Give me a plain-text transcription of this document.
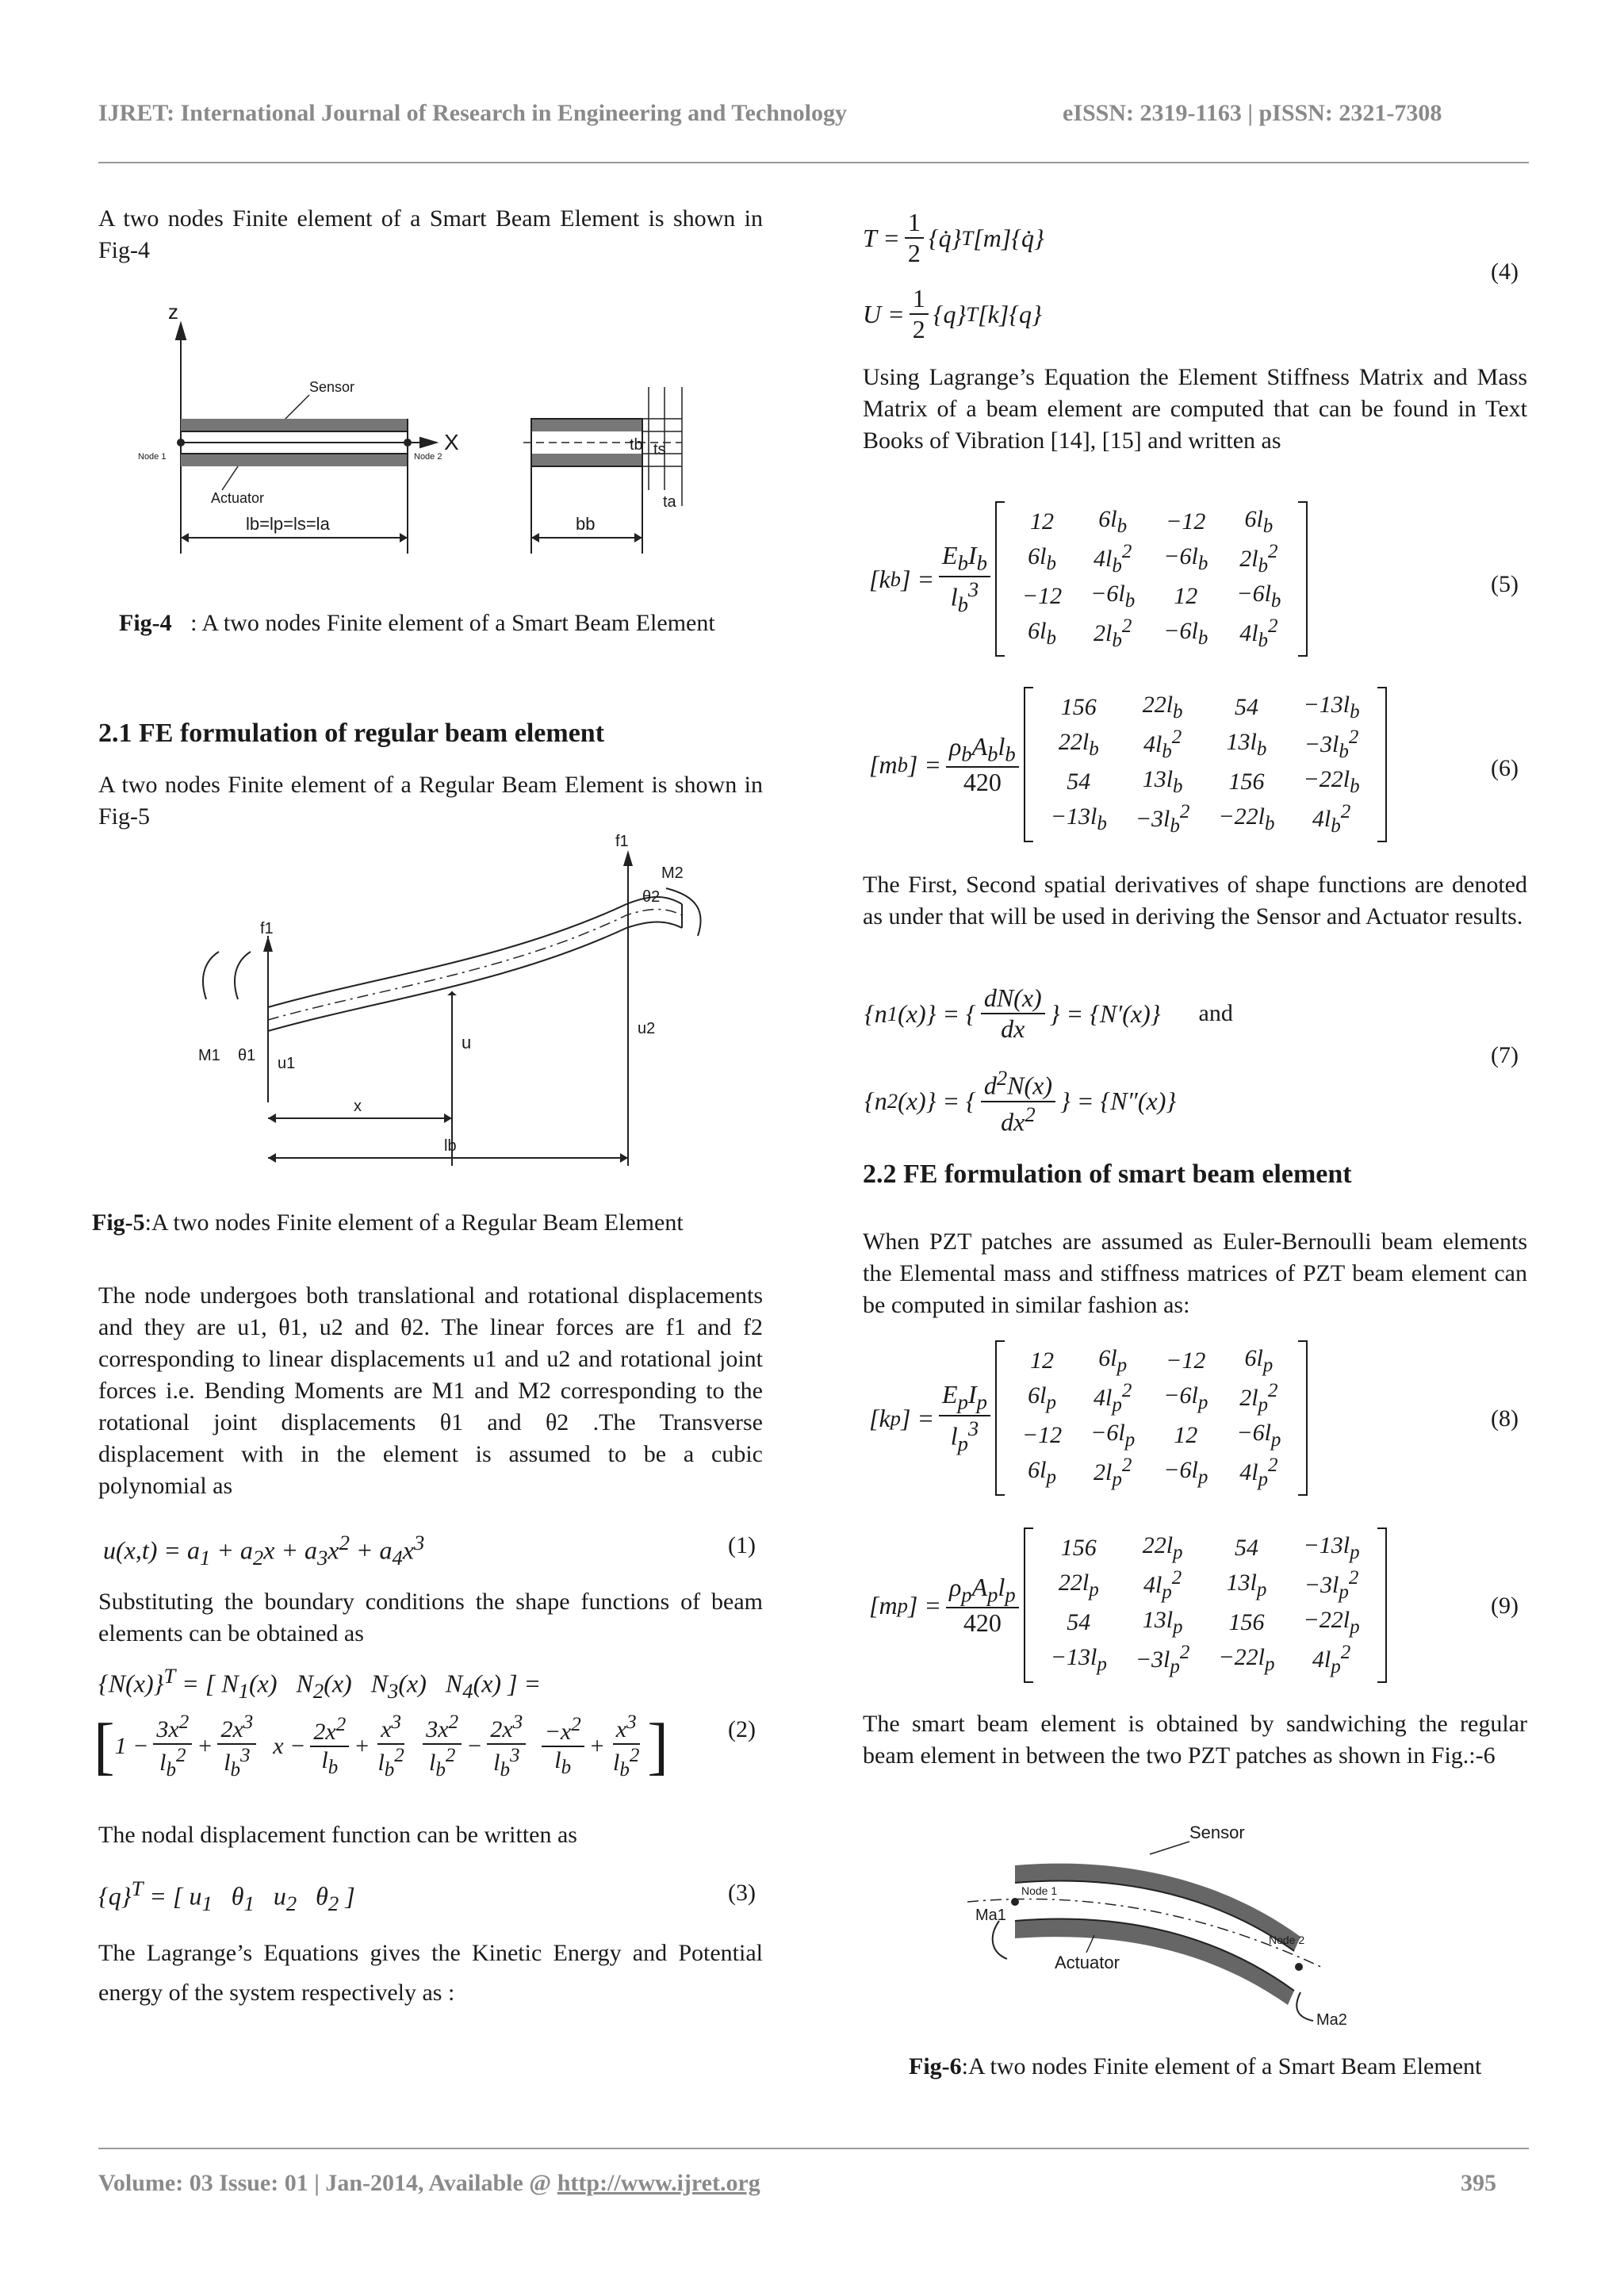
IJRET: International Journal of Research in Engineering and Technology	eISSN: 2319-1163 | pISSN: 2321-7308
A two nodes Finite element of a Smart Beam Element is shown in Fig-4
z
X
Sensor
Actuator
Node 1	Node 2
lb=lp=ls=la	bb
tb ts
ta
Fig-4 : A two nodes Finite element of a Smart Beam Element
2.1 FE formulation of regular beam element
A two nodes Finite element of a Regular Beam Element is shown in Fig-5
f1
f1
M2
θ2
M1 θ1 u1
u
u2
x
lb
Fig-5:A two nodes Finite element of a Regular Beam Element
The node undergoes both translational and rotational displacements and they are u1, θ1, u2 and θ2. The linear forces are f1 and f2 corresponding to linear displacements u1 and u2 and rotational joint forces i.e. Bending Moments are M1 and M2 corresponding to the rotational joint displacements θ1 and θ2 .The Transverse displacement with in the element is assumed to be a cubic polynomial as
$u(x,t) = a_1 + a_2x + a_3x^2 + a_4x^3$	(1)
Substituting the boundary conditions the shape functions of beam elements can be obtained as
$\{N(x)\}^T$ = [ $N_1(x)$   $N_2(x)$   $N_3(x)$   $N_4(x)$ ] =
[ $1 - \frac{3x^2}{l_b^2} + \frac{2x^3}{l_b^3}$ $x - \frac{2x^2}{l_b} + \frac{x^3}{l_b^2}$
$\frac{3x^2}{l_b^2} - \frac{2x^3}{l_b^3}$
$\frac{-x^2}{l_b} + \frac{x^3}{l_b^2}$ ]	(2)
The nodal displacement function can be written as
$\{q\}^T$ = [ $u_1$   $\theta_1$   $u_2$   $\theta_2$ ]	(3)
The Lagrange’s Equations gives the Kinetic Energy and Potential energy of the system respectively as :
$T = \frac{1}{2}$ {q̇} T [m]{q̇}
$U = \frac{1}{2} \{q\}$ T [k]{q}
(4)
Using Lagrange’s Equation the Element Stiffness Matrix and Mass Matrix of a beam element are computed that can be found in Text Books of Vibration [14], [15] and written as
[k b ] = $\frac{E_bI_b}{l_b^3}$
12	$6l_b$	−12	$6l_b$
$6l_b$	$4l_b^2$	$-6l_b$	$2l_b^2$
−12	$-6l_b$	12	$-6l_b$
$6l_b$	$2l_b^2$	$-6l_b$	$4l_b^2$
(5)
[m b ] = $\frac{\rho_bA_bl_b}{420}$
156	$22l_b$	54	$-13l_b$
$22l_b$	$4l_b^2$	$13l_b$	$-3l_b^2$
54	$13l_b$	156	$-22l_b$
$-13l_b$	$-3l_b^2$	$-22l_b$	$4l_b^2$
(6)
The First, Second spatial derivatives of shape functions are denoted as under that will be used in deriving the Sensor and Actuator results.
{n 1 (x)} = { $\frac{dN(x)}{dx}$ } = {N′(x)} and
{n 2 (x)} = { $\frac{d^2N(x)}{dx^2}$ } = {N″(x)}
(7)
2.2 FE formulation of smart beam element
When PZT patches are assumed as Euler-Bernoulli beam elements the Elemental mass and stiffness matrices of PZT beam element can be computed in similar fashion as:
[k p ] = $\frac{E_pI_p}{l_p^3}$
12	$6l_p$	−12	$6l_p$
$6l_p$	$4l_p^2$	$-6l_p$	$2l_p^2$
−12	$-6l_p$	12	$-6l_p$
$6l_p$	$2l_p^2$	$-6l_p$	$4l_p^2$
(8)
[m p ] = $\frac{\rho_pA_pl_p}{420}$
156	$22l_p$	54	$-13l_p$
$22l_p$	$4l_p^2$	$13l_p$	$-3l_p^2$
54	$13l_p$	156	$-22l_p$
$-13l_p$	$-3l_p^2$	$-22l_p$	$4l_p^2$
(9)
The smart beam element is obtained by sandwiching the regular beam element in between the two PZT patches as shown in Fig.:-6
Sensor
Actuator
Node 1
Node 2
Ma1
Ma2
Fig-6:A two nodes Finite element of a Smart Beam Element
Volume: 03 Issue: 01 | Jan-2014, Available @ http://www.ijret.org	395
